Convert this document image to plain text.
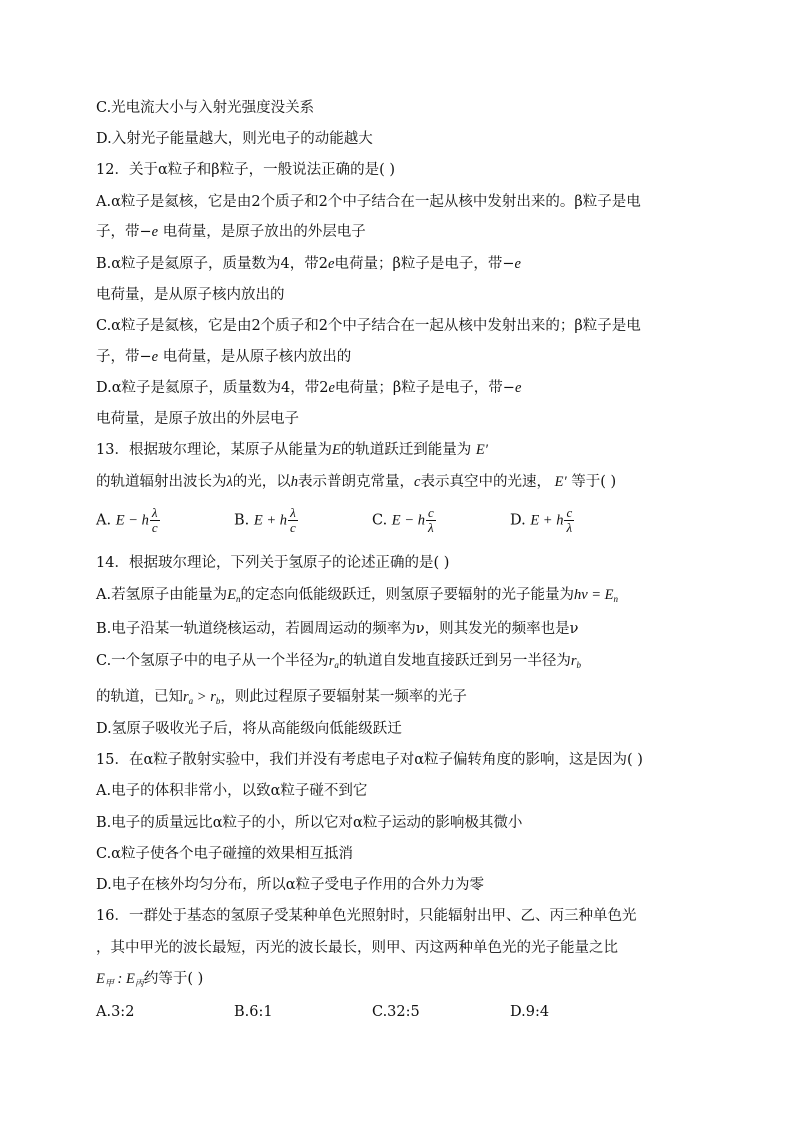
C.光电流大小与入射光强度没关系
D.入射光子能量越大，则光电子的动能越大
12．关于α粒子和β粒子，一般说法正确的是( )
A.α粒子是氦核，它是由2个质子和2个中子结合在一起从核中发射出来的。β粒子是电
子，带−e 电荷量，是原子放出的外层电子
B.α粒子是氦原子，质量数为4，带2e电荷量；β粒子是电子，带−e
电荷量，是从原子核内放出的
C.α粒子是氦核，它是由2个质子和2个中子结合在一起从核中发射出来的；β粒子是电
子，带−e 电荷量，是从原子核内放出的
D.α粒子是氦原子，质量数为4，带2e电荷量；β粒子是电子，带−e
电荷量，是原子放出的外层电子
13．根据玻尔理论，某原子从能量为E的轨道跃迁到能量为 E′
的轨道辐射出波长为λ的光，以h表示普朗克常量，c表示真空中的光速， E′ 等于( )
A. E − h $\frac{\lambda}{c}$	B. E + h $\frac{\lambda}{c}$	C. E − h $\frac{c}{\lambda}$	D. E + h $\frac{c}{\lambda}$
14．根据玻尔理论，下列关于氢原子的论述正确的是( )
A.若氢原子由能量为$E_n$的定态向低能级跃迁，则氢原子要辐射的光子能量为$h\nu = E_n$
B.电子沿某一轨道绕核运动，若圆周运动的频率为ν，则其发光的频率也是ν
C.一个氢原子中的电子从一个半径为$r_a$的轨道自发地直接跃迁到另一半径为$r_b$
的轨道，已知$r_a > r_b$，则此过程原子要辐射某一频率的光子
D.氢原子吸收光子后，将从高能级向低能级跃迁
15．在α粒子散射实验中，我们并没有考虑电子对α粒子偏转角度的影响，这是因为( )
A.电子的体积非常小，以致α粒子碰不到它
B.电子的质量远比α粒子的小，所以它对α粒子运动的影响极其微小
C.α粒子使各个电子碰撞的效果相互抵消
D.电子在核外均匀分布，所以α粒子受电子作用的合外力为零
16．一群处于基态的氢原子受某种单色光照射时，只能辐射出甲、乙、丙三种单色光
，其中甲光的波长最短，丙光的波长最长，则甲、丙这两种单色光的光子能量之比
$E_甲$ : $E_丙$约等于( )
A.3:2	B.6:1	C.32:5	D.9:4
